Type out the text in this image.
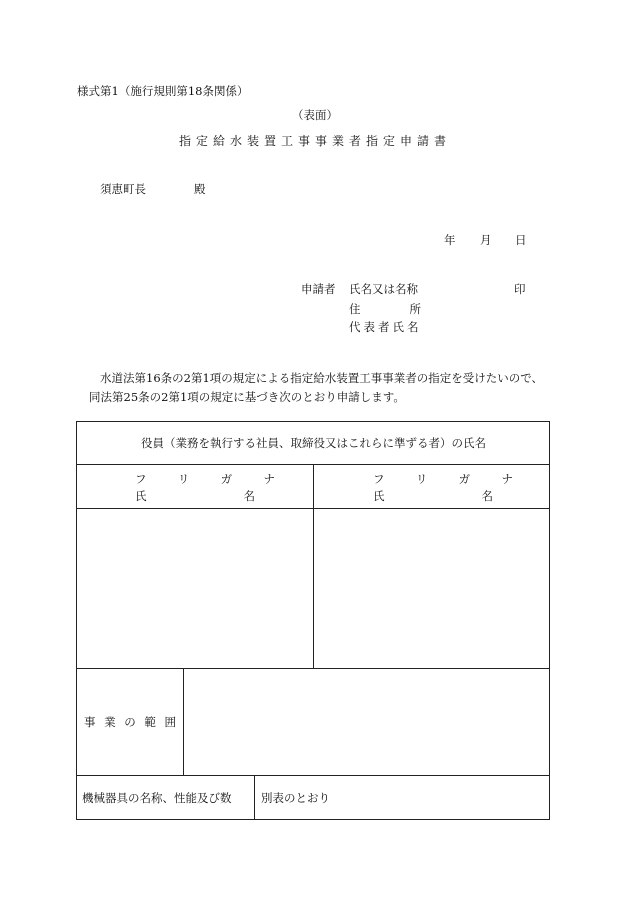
様式第1（施行規則第18条関係）
（表面）
指定給水装置工事事業者指定申請書
須恵町長	殿
年 月 日
申請者 氏名又は名称	印
住	所
代表者氏名
水道法第16条の2第1項の規定による指定給水装置工事事業者の指定を受けたいので、
同法第25条の2第1項の規定に基づき次のとおり申請します。
役員（業務を執行する社員、取締役又はこれらに準ずる者）の氏名
フ	リ	ガ	ナ
氏	名
フ	リ	ガ	ナ
氏	名
事 業 の 範 囲
機械器具の名称、性能及び数	別表のとおり
